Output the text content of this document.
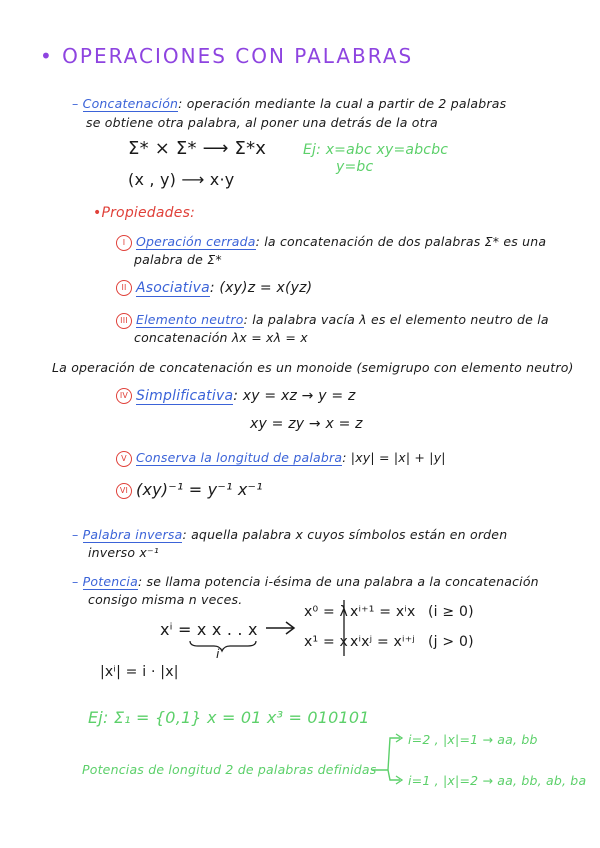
• OPERACIONES CON PALABRAS
– Concatenación: operación mediante la cual a partir de 2 palabras
se obtiene otra palabra, al poner una detrás de la otra
Σ* × Σ* ⟶ Σ*x
(x , y) ⟶ x·y
Ej: x=abc xy=abcbc
y=bc
•Propiedades:
I Operación cerrada: la concatenación de dos palabras Σ* es una
palabra de Σ*
II Asociativa: (xy)z = x(yz)
III Elemento neutro: la palabra vacía λ es el elemento neutro de la
concatenación λx = xλ = x
La operación de concatenación es un monoide (semigrupo con elemento neutro)
IV Simplificativa: xy = xz → y = z
xy = zy → x = z
V Conserva la longitud de palabra: |xy| = |x| + |y|
VI (xy)⁻¹ = y⁻¹ x⁻¹
– Palabra inversa: aquella palabra x cuyos símbolos están en orden
inverso x⁻¹
– Potencia: se llama potencia i-ésima de una palabra a la concatenación
consigo misma n veces.
xⁱ = x x . . x
i
x⁰ = λ
x¹ = x
xⁱ⁺¹ = xⁱx
xⁱxʲ = xⁱ⁺ʲ
(i ≥ 0)
(j > 0)
|xⁱ| = i · |x|
Ej: Σ₁ = {0,1} x = 01 x³ = 010101
Potencias de longitud 2 de palabras definidas
i=2 , |x|=1 → aa, bb
i=1 , |x|=2 → aa, bb, ab, ba
